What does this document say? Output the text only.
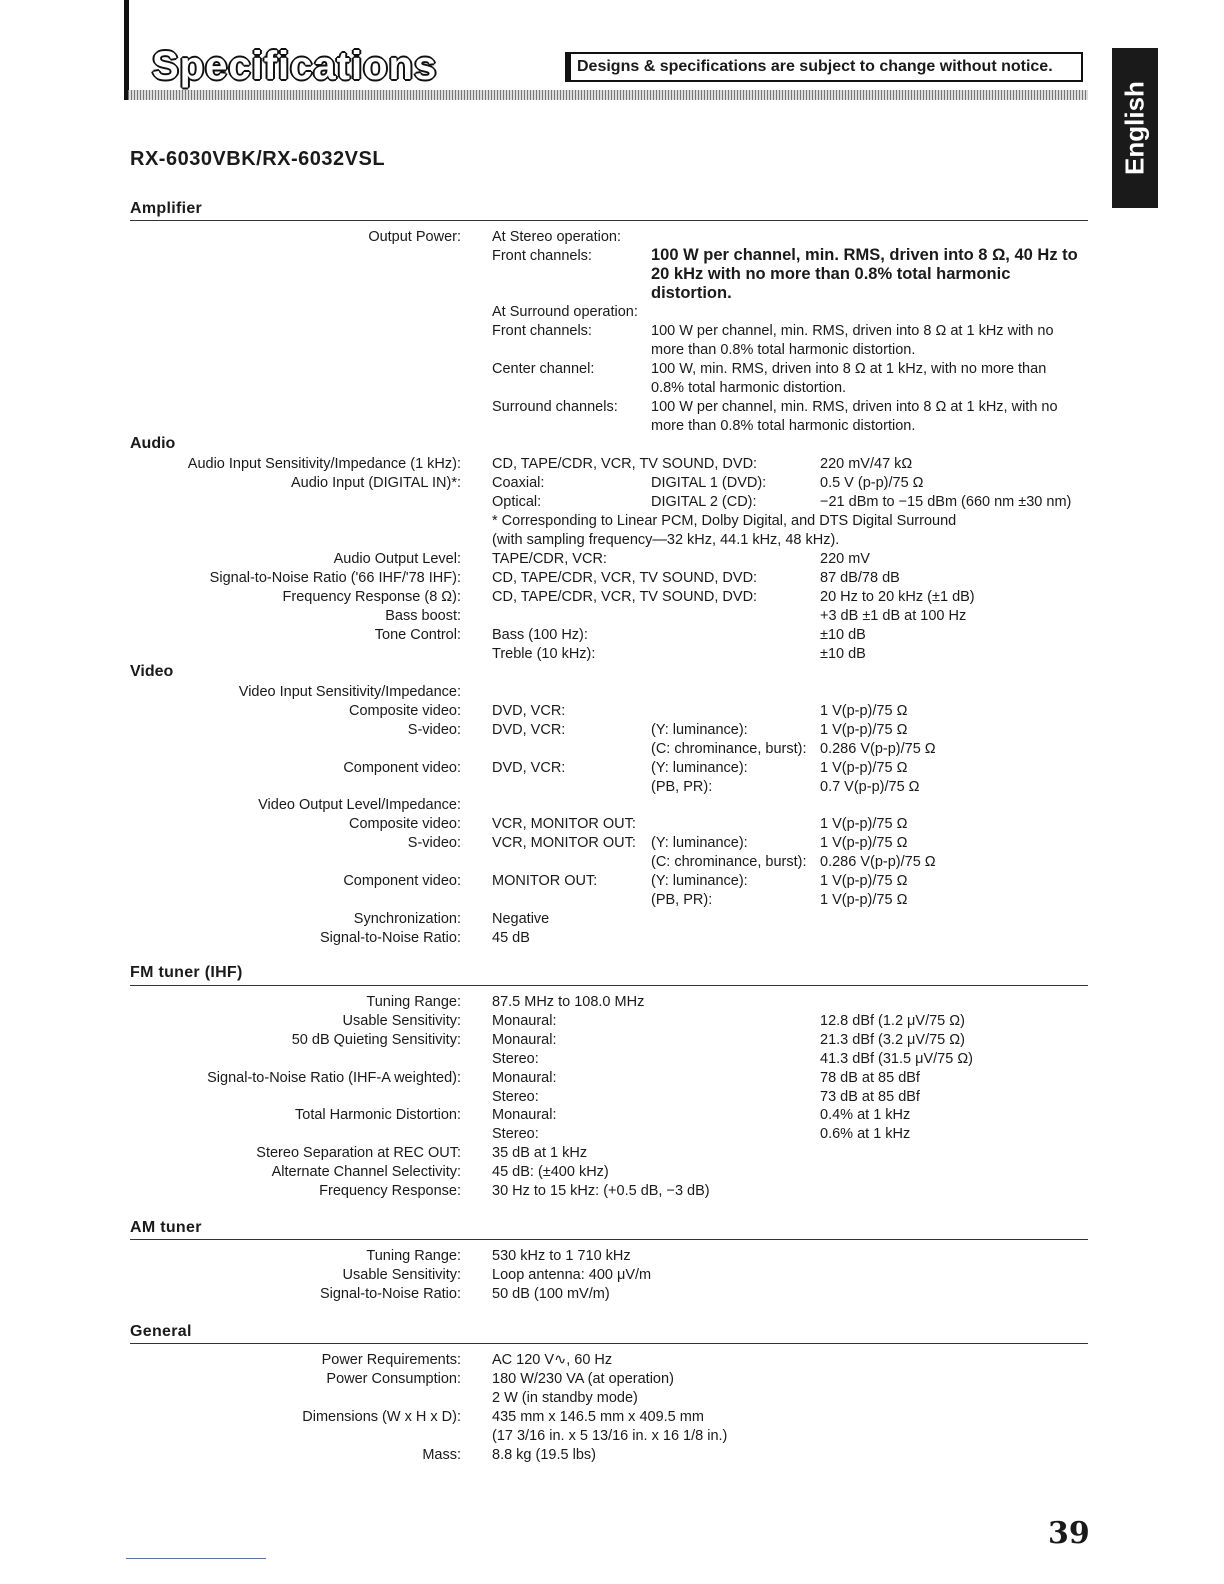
Specifications	Designs & specifications are subject to change without notice.
English
RX-6030VBK/RX-6032VSL
Amplifier
Output Power: At Stereo operation:
Front channels:	100 W per channel, min. RMS, driven into 8 Ω, 40 Hz to 20 kHz with no more than 0.8% total harmonic distortion.
At Surround operation:
Front channels:	100 W per channel, min. RMS, driven into 8 Ω at 1 kHz with no more than 0.8% total harmonic distortion.
Center channel:	100 W, min. RMS, driven into 8 Ω at 1 kHz, with no more than 0.8% total harmonic distortion.
Surround channels: 100 W per channel, min. RMS, driven into 8 Ω at 1 kHz, with no more than 0.8% total harmonic distortion.
Audio
Audio Input Sensitivity/Impedance (1 kHz): CD, TAPE/CDR, VCR, TV SOUND, DVD:	220 mV/47 kΩ
Audio Input (DIGITAL IN)*: Coaxial:	DIGITAL 1 (DVD):	0.5 V (p-p)/75 Ω
Optical:	DIGITAL 2 (CD):	−21 dBm to −15 dBm (660 nm ±30 nm)
* Corresponding to Linear PCM, Dolby Digital, and DTS Digital Surround
(with sampling frequency—32 kHz, 44.1 kHz, 48 kHz).
Audio Output Level: TAPE/CDR, VCR:	220 mV
Signal-to-Noise Ratio ('66 IHF/'78 IHF): CD, TAPE/CDR, VCR, TV SOUND, DVD:	87 dB/78 dB
Frequency Response (8 Ω): CD, TAPE/CDR, VCR, TV SOUND, DVD:	20 Hz to 20 kHz (±1 dB)
Bass boost:	+3 dB ±1 dB at 100 Hz
Tone Control: Bass (100 Hz):	±10 dB
Treble (10 kHz):	±10 dB
Video
Video Input Sensitivity/Impedance:
Composite video: DVD, VCR:	1 V(p-p)/75 Ω
S-video: DVD, VCR:	(Y: luminance):	1 V(p-p)/75 Ω
(C: chrominance, burst): 0.286 V(p-p)/75 Ω
Component video: DVD, VCR:	(Y: luminance):	1 V(p-p)/75 Ω
(PB, PR):	0.7 V(p-p)/75 Ω
Video Output Level/Impedance:
Composite video: VCR, MONITOR OUT:	1 V(p-p)/75 Ω
S-video: VCR, MONITOR OUT: (Y: luminance):	1 V(p-p)/75 Ω
(C: chrominance, burst): 0.286 V(p-p)/75 Ω
Component video: MONITOR OUT:	(Y: luminance):	1 V(p-p)/75 Ω
(PB, PR):	1 V(p-p)/75 Ω
Synchronization: Negative
Signal-to-Noise Ratio: 45 dB
FM tuner (IHF)
Tuning Range: 87.5 MHz to 108.0 MHz
Usable Sensitivity: Monaural:	12.8 dBf (1.2 μV/75 Ω)
50 dB Quieting Sensitivity: Monaural:	21.3 dBf (3.2 μV/75 Ω)
Stereo:	41.3 dBf (31.5 μV/75 Ω)
Signal-to-Noise Ratio (IHF-A weighted): Monaural:	78 dB at 85 dBf
Stereo:	73 dB at 85 dBf
Total Harmonic Distortion: Monaural:	0.4% at 1 kHz
Stereo:	0.6% at 1 kHz
Stereo Separation at REC OUT: 35 dB at 1 kHz
Alternate Channel Selectivity: 45 dB: (±400 kHz)
Frequency Response: 30 Hz to 15 kHz: (+0.5 dB, −3 dB)
AM tuner
Tuning Range: 530 kHz to 1 710 kHz
Usable Sensitivity: Loop antenna: 400 μV/m
Signal-to-Noise Ratio: 50 dB (100 mV/m)
General
Power Requirements: AC 120 V∿, 60 Hz
Power Consumption: 180 W/230 VA (at operation)
2 W (in standby mode)
Dimensions (W x H x D): 435 mm x 146.5 mm x 409.5 mm
(17 3/16 in. x 5 13/16 in. x 16 1/8 in.)
Mass: 8.8 kg (19.5 lbs)
39
